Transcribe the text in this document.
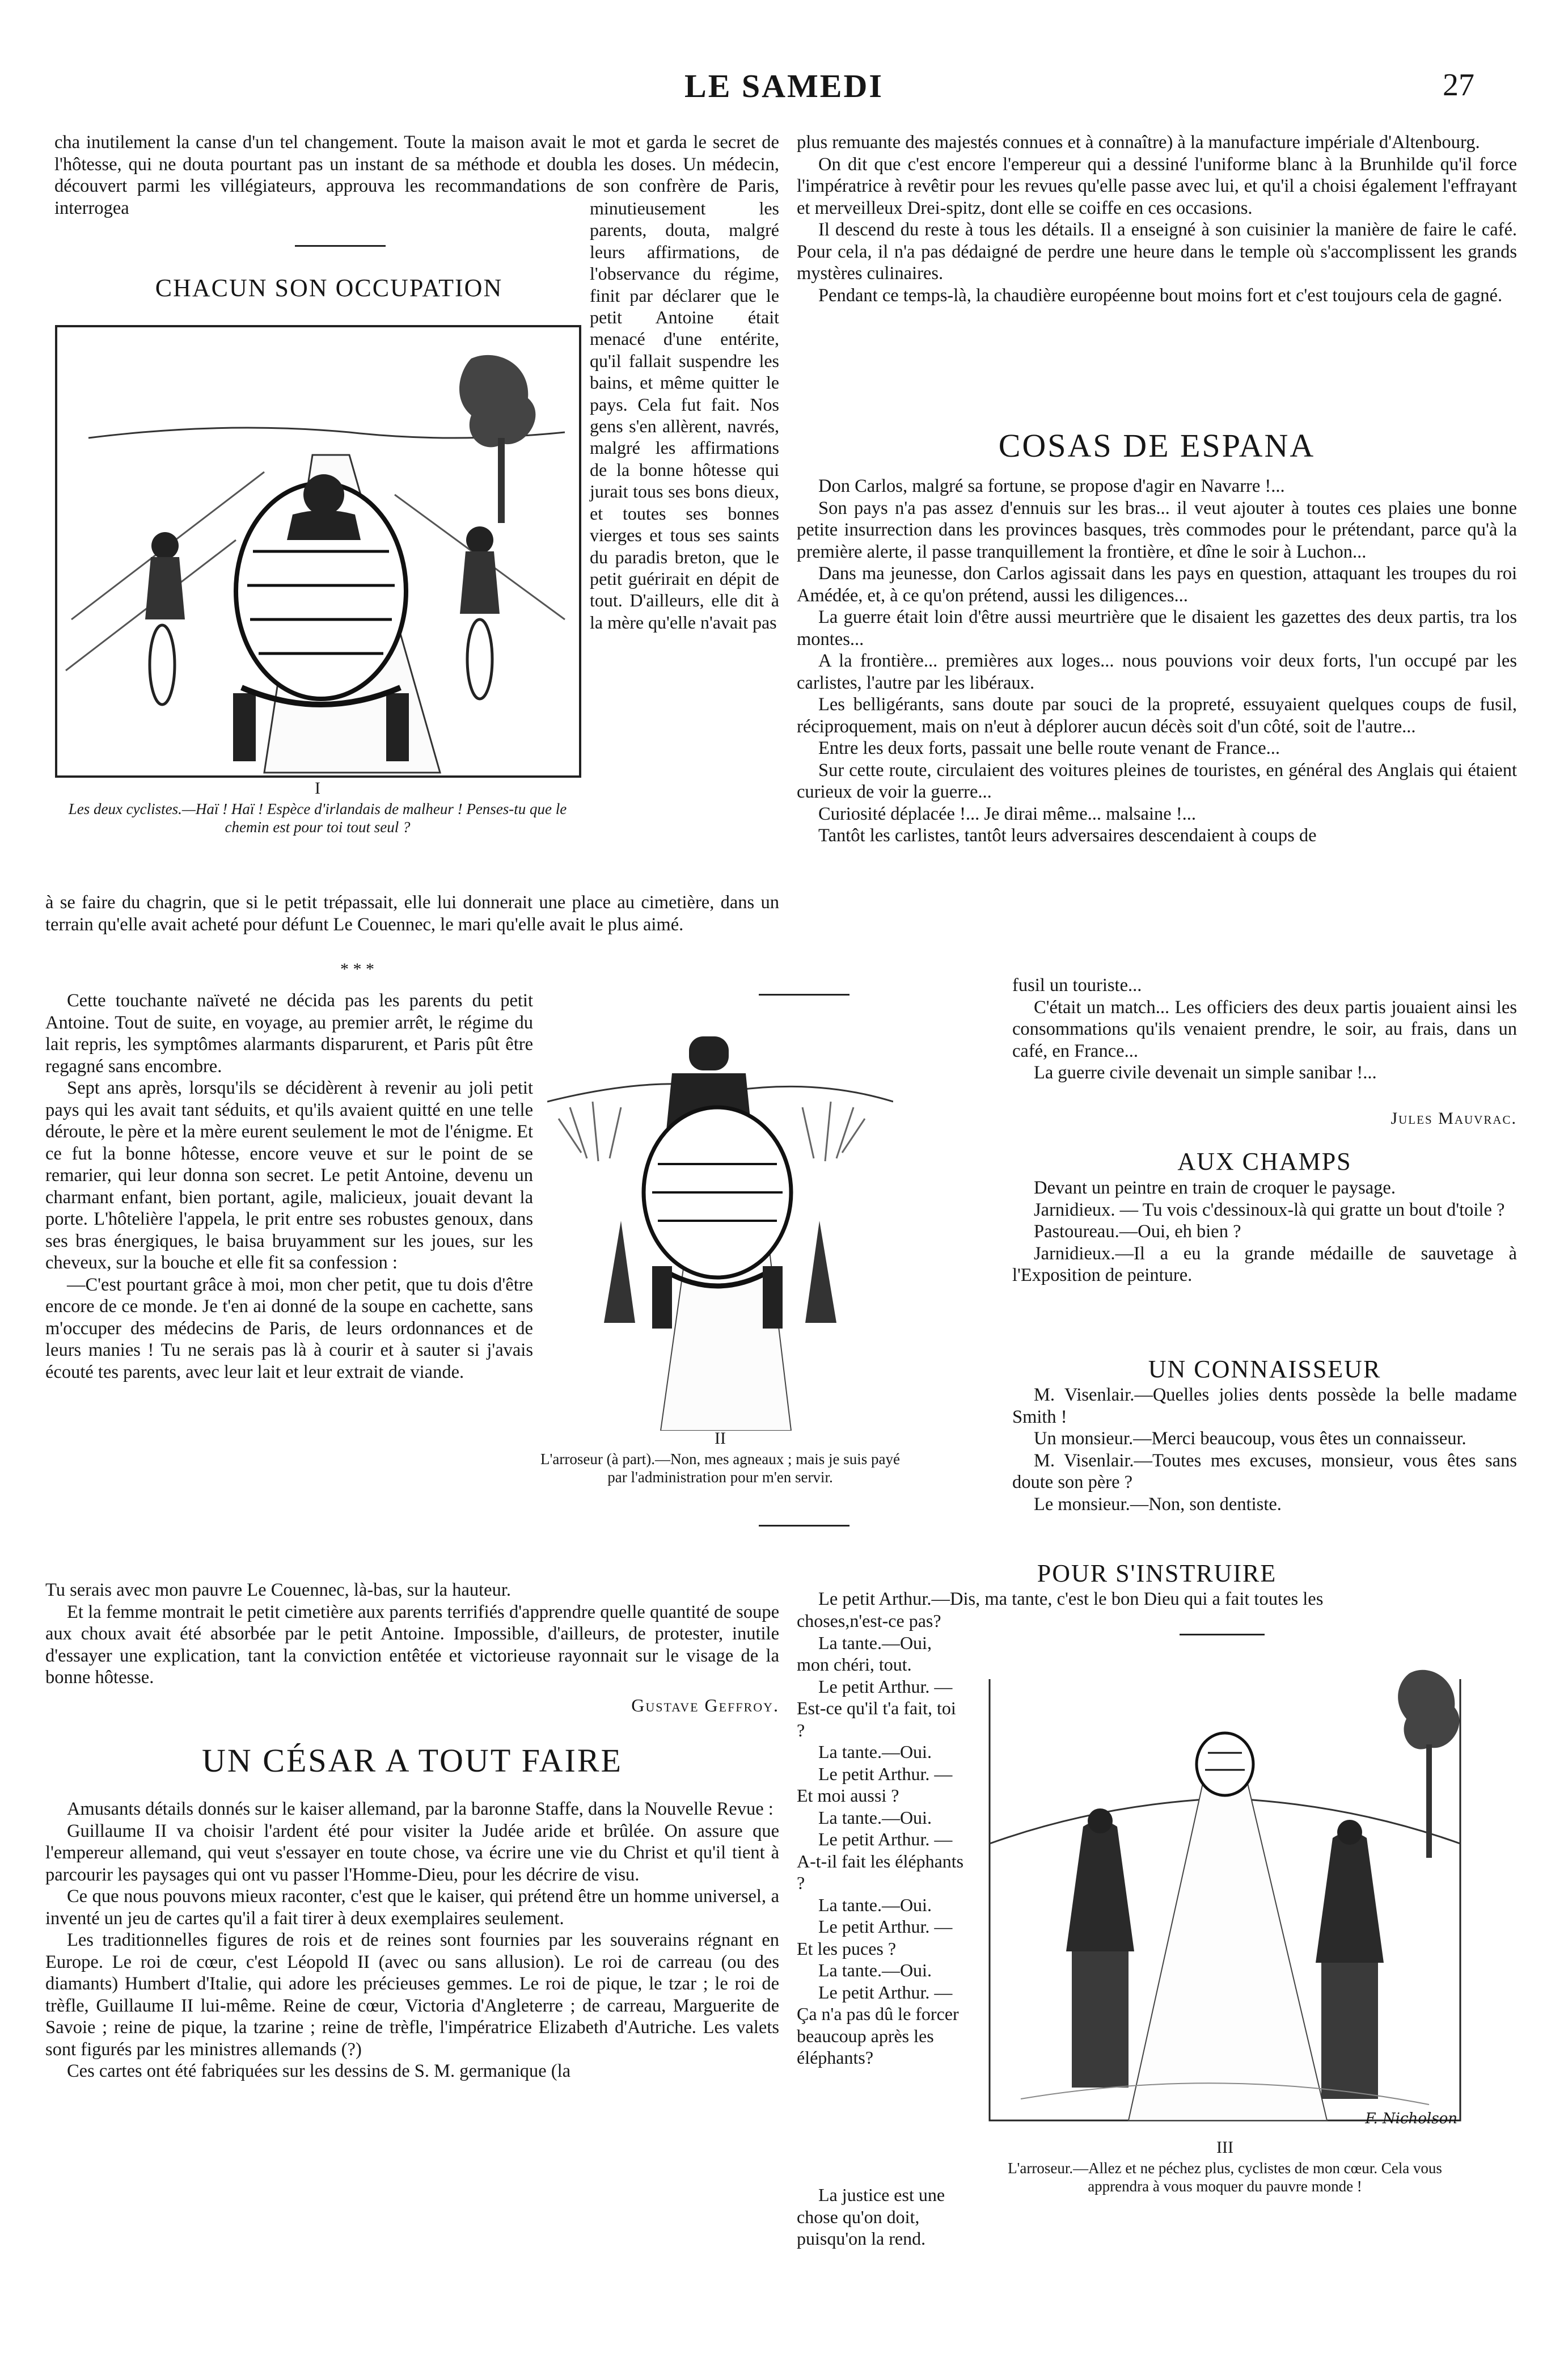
LE SAMEDI	27

cha inutilement la canse d'un tel changement. Toute la maison avait le mot et garda le secret de l'hôtesse, qui ne douta pourtant pas un instant de sa méthode et doubla les doses. Un médecin, découvert parmi les villégiateurs, approuva les recommandations de son confrère de Paris, interrogea

CHACUN SON OCCUPATION
I
Les deux cyclistes.—Haï ! Haï ! Espèce d'irlandais de malheur ! Penses-tu que le chemin est pour toi tout seul ?

minutieusement les parents, douta, malgré leurs affirmations, de l'observance du régime, finit par déclarer que le petit Antoine était menacé d'une entérite, qu'il fallait suspendre les bains, et même quitter le pays. Cela fut fait. Nos gens s'en allèrent, navrés, malgré les affirmations de la bonne hôtesse qui jurait tous ses bons dieux, et toutes ses bonnes vierges et tous ses saints du paradis breton, que le petit guérirait en dépit de tout. D'ailleurs, elle dit à la mère qu'elle n'avait pas

à se faire du chagrin, que si le petit trépassait, elle lui donnerait une place au cimetière, dans un terrain qu'elle avait acheté pour défunt Le Couennec, le mari qu'elle avait le plus aimé.

* * *

Cette touchante naïveté ne décida pas les parents du petit Antoine. Tout de suite, en voyage, au premier arrêt, le régime du lait repris, les symptômes alarmants disparurent, et Paris pût être regagné sans encombre.

Sept ans après, lorsqu'ils se décidèrent à revenir au joli petit pays qui les avait tant séduits, et qu'ils avaient quitté en une telle déroute, le père et la mère eurent seulement le mot de l'énigme. Et ce fut la bonne hôtesse, encore veuve et sur le point de se remarier, qui leur donna son secret. Le petit Antoine, devenu un charmant enfant, bien portant, agile, malicieux, jouait devant la porte. L'hôtelière l'appela, le prit entre ses robustes genoux, dans ses bras énergiques, le baisa bruyamment sur les joues, sur les cheveux, sur la bouche et elle fit sa confession :

—C'est pourtant grâce à moi, mon cher petit, que tu dois d'être encore de ce monde. Je t'en ai donné de la soupe en cachette, sans m'occuper des médecins de Paris, de leurs ordonnances et de leurs manies ! Tu ne serais pas là à courir et à sauter si j'avais écouté tes parents, avec leur lait et leur extrait de viande.

II
L'arroseur (à part).—Non, mes agneaux ; mais je suis payé par l'administration pour m'en servir.

Tu serais avec mon pauvre Le Couennec, là-bas, sur la hauteur.

Et la femme montrait le petit cimetière aux parents terrifiés d'apprendre quelle quantité de soupe aux choux avait été absorbée par le petit Antoine. Impossible, d'ailleurs, de protester, inutile d'essayer une explication, tant la conviction entêtée et victorieuse rayonnait sur le visage de la bonne hôtesse.

Gustave Geffroy.
UN CÉSAR A TOUT FAIRE

Amusants détails donnés sur le kaiser allemand, par la baronne Staffe, dans la Nouvelle Revue :

Guillaume II va choisir l'ardent été pour visiter la Judée aride et brûlée. On assure que l'empereur allemand, qui veut s'essayer en toute chose, va écrire une vie du Christ et qu'il tient à parcourir les paysages qui ont vu passer l'Homme-Dieu, pour les décrire de visu.

Ce que nous pouvons mieux raconter, c'est que le kaiser, qui prétend être un homme universel, a inventé un jeu de cartes qu'il a fait tirer à deux exemplaires seulement.

Les traditionnelles figures de rois et de reines sont fournies par les souverains régnant en Europe. Le roi de cœur, c'est Léopold II (avec ou sans allusion). Le roi de carreau (ou des diamants) Humbert d'Italie, qui adore les précieuses gemmes. Le roi de pique, le tzar ; le roi de trèfle, Guillaume II lui-même. Reine de cœur, Victoria d'Angleterre ; de carreau, Marguerite de Savoie ; reine de pique, la tzarine ; reine de trèfle, l'impératrice Elizabeth d'Autriche. Les valets sont figurés par les ministres allemands (?)

Ces cartes ont été fabriquées sur les dessins de S. M. germanique (la

plus remuante des majestés connues et à connaître) à la manufacture impériale d'Altenbourg.

On dit que c'est encore l'empereur qui a dessiné l'uniforme blanc à la Brunhilde qu'il force l'impératrice à revêtir pour les revues qu'elle passe avec lui, et qu'il a choisi également l'effrayant et merveilleux Drei-spitz, dont elle se coiffe en ces occasions.

Il descend du reste à tous les détails. Il a enseigné à son cuisinier la manière de faire le café. Pour cela, il n'a pas dédaigné de perdre une heure dans le temple où s'accomplissent les grands mystères culinaires.

Pendant ce temps-là, la chaudière européenne bout moins fort et c'est toujours cela de gagné.

COSAS DE ESPANA

Don Carlos, malgré sa fortune, se propose d'agir en Navarre !...

Son pays n'a pas assez d'ennuis sur les bras... il veut ajouter à toutes ces plaies une bonne petite insurrection dans les provinces basques, très commodes pour le prétendant, parce qu'à la première alerte, il passe tranquillement la frontière, et dîne le soir à Luchon...

Dans ma jeunesse, don Carlos agissait dans les pays en question, attaquant les troupes du roi Amédée, et, à ce qu'on prétend, aussi les diligences...

La guerre était loin d'être aussi meurtrière que le disaient les gazettes des deux partis, tra los montes...

A la frontière... premières aux loges... nous pouvions voir deux forts, l'un occupé par les carlistes, l'autre par les libéraux.

Les belligérants, sans doute par souci de la propreté, essuyaient quelques coups de fusil, réciproquement, mais on n'eut à déplorer aucun décès soit d'un côté, soit de l'autre...

Entre les deux forts, passait une belle route venant de France...

Sur cette route, circulaient des voitures pleines de touristes, en général des Anglais qui étaient curieux de voir la guerre...

Curiosité déplacée !... Je dirai même... malsaine !...

Tantôt les carlistes, tantôt leurs adversaires descendaient à coups de

fusil un touriste...

C'était un match... Les officiers des deux partis jouaient ainsi les consommations qu'ils venaient prendre, le soir, au frais, dans un café, en France...

La guerre civile devenait un simple sanibar !...

Jules Mauvrac.
AUX CHAMPS

Devant un peintre en train de croquer le paysage.

Jarnidieux. — Tu vois c'dessinoux-là qui gratte un bout d'toile ?

Pastoureau.—Oui, eh bien ?

Jarnidieux.—Il a eu la grande médaille de sauvetage à l'Exposition de peinture.

UN CONNAISSEUR

M. Visenlair.—Quelles jolies dents possède la belle madame Smith !

Un monsieur.—Merci beaucoup, vous êtes un connaisseur.

M. Visenlair.—Toutes mes excuses, monsieur, vous êtes sans doute son père ?

Le monsieur.—Non, son dentiste.

POUR S'INSTRUIRE

Le petit Arthur.—Dis, ma tante, c'est le bon Dieu qui a fait toutes les

choses,n'est-ce pas?

La tante.—Oui, mon chéri, tout.

Le petit Arthur. —Est-ce qu'il t'a fait, toi ?

La tante.—Oui.

Le petit Arthur. —Et moi aussi ?

La tante.—Oui.

Le petit Arthur. —A-t-il fait les éléphants ?

La tante.—Oui.

Le petit Arthur. —Et les puces ?

La tante.—Oui.

Le petit Arthur. —Ça n'a pas dû le forcer beaucoup après les éléphants?

La justice est une chose qu'on doit, puisqu'on la rend.

F. Nicholson
III
L'arroseur.—Allez et ne péchez plus, cyclistes de mon cœur. Cela vous apprendra à vous moquer du pauvre monde !
